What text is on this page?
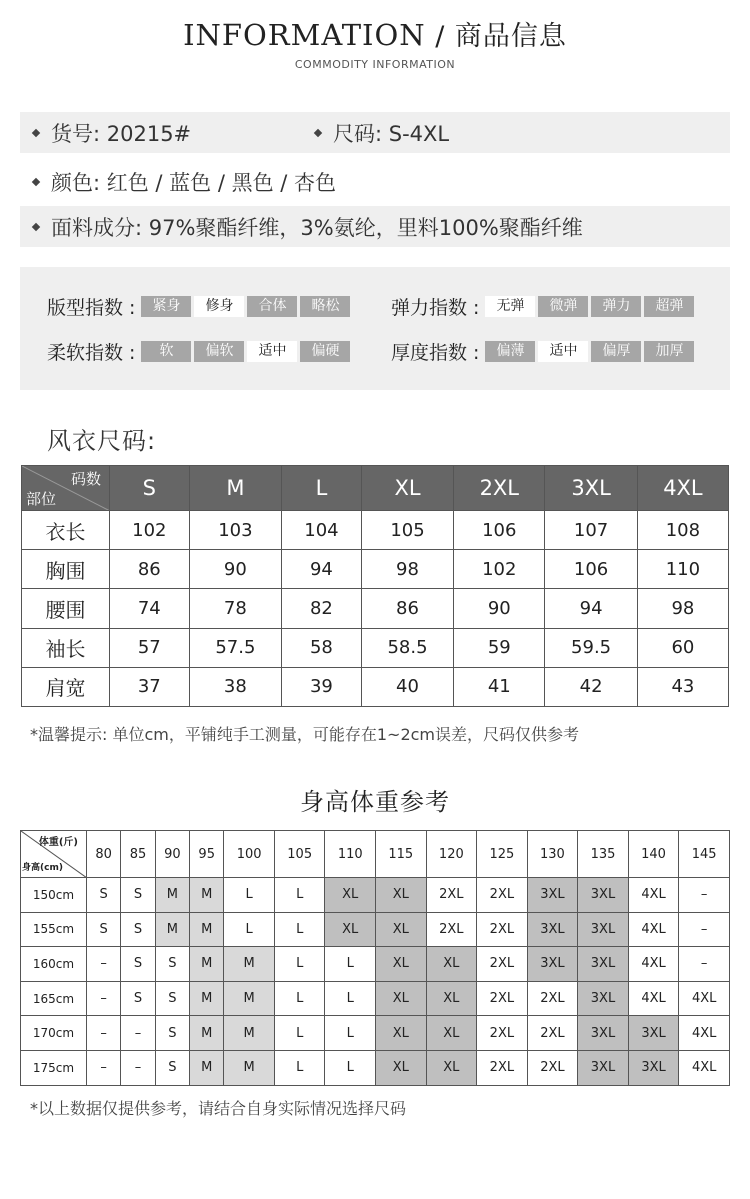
INFORMATION / 商品信息
COMMODITY INFORMATION
货号: 20215#	尺码: S-4XL
颜色: 红色 / 蓝色 / 黑色 / 杏色
面料成分: 97%聚酯纤维，3%氨纶，里料100%聚酯纤维
版型指数 :	紧身	修身	合体	略松	弹力指数 :	无弹	微弹	弹力	超弹
柔软指数 :	软	偏软	适中	偏硬	厚度指数 :	偏薄	适中	偏厚	加厚
风衣尺码:
码数
部位	S	M	L	XL	2XL	3XL	4XL
衣长	102	103	104	105	106	107	108
胸围	86	90	94	98	102	106	110
腰围	74	78	82	86	90	94	98
袖长	57	57.5	58	58.5	59	59.5	60
肩宽	37	38	39	40	41	42	43
*温馨提示: 单位cm，平铺纯手工测量，可能存在1~2cm误差，尺码仅供参考
身高体重参考
体重(斤)
身高(cm)	80	85	90	95	100	105	110	115	120	125	130	135	140	145
150cm	S	S	M	M	L	L	XL	XL	2XL	2XL	3XL	3XL	4XL	–
155cm	S	S	M	M	L	L	XL	XL	2XL	2XL	3XL	3XL	4XL	–
160cm	–	S	S	M	M	L	L	XL	XL	2XL	3XL	3XL	4XL	–
165cm	–	S	S	M	M	L	L	XL	XL	2XL	2XL	3XL	4XL	4XL
170cm	–	–	S	M	M	L	L	XL	XL	2XL	2XL	3XL	3XL	4XL
175cm	–	–	S	M	M	L	L	XL	XL	2XL	2XL	3XL	3XL	4XL
*以上数据仅提供参考，请结合自身实际情况选择尺码
